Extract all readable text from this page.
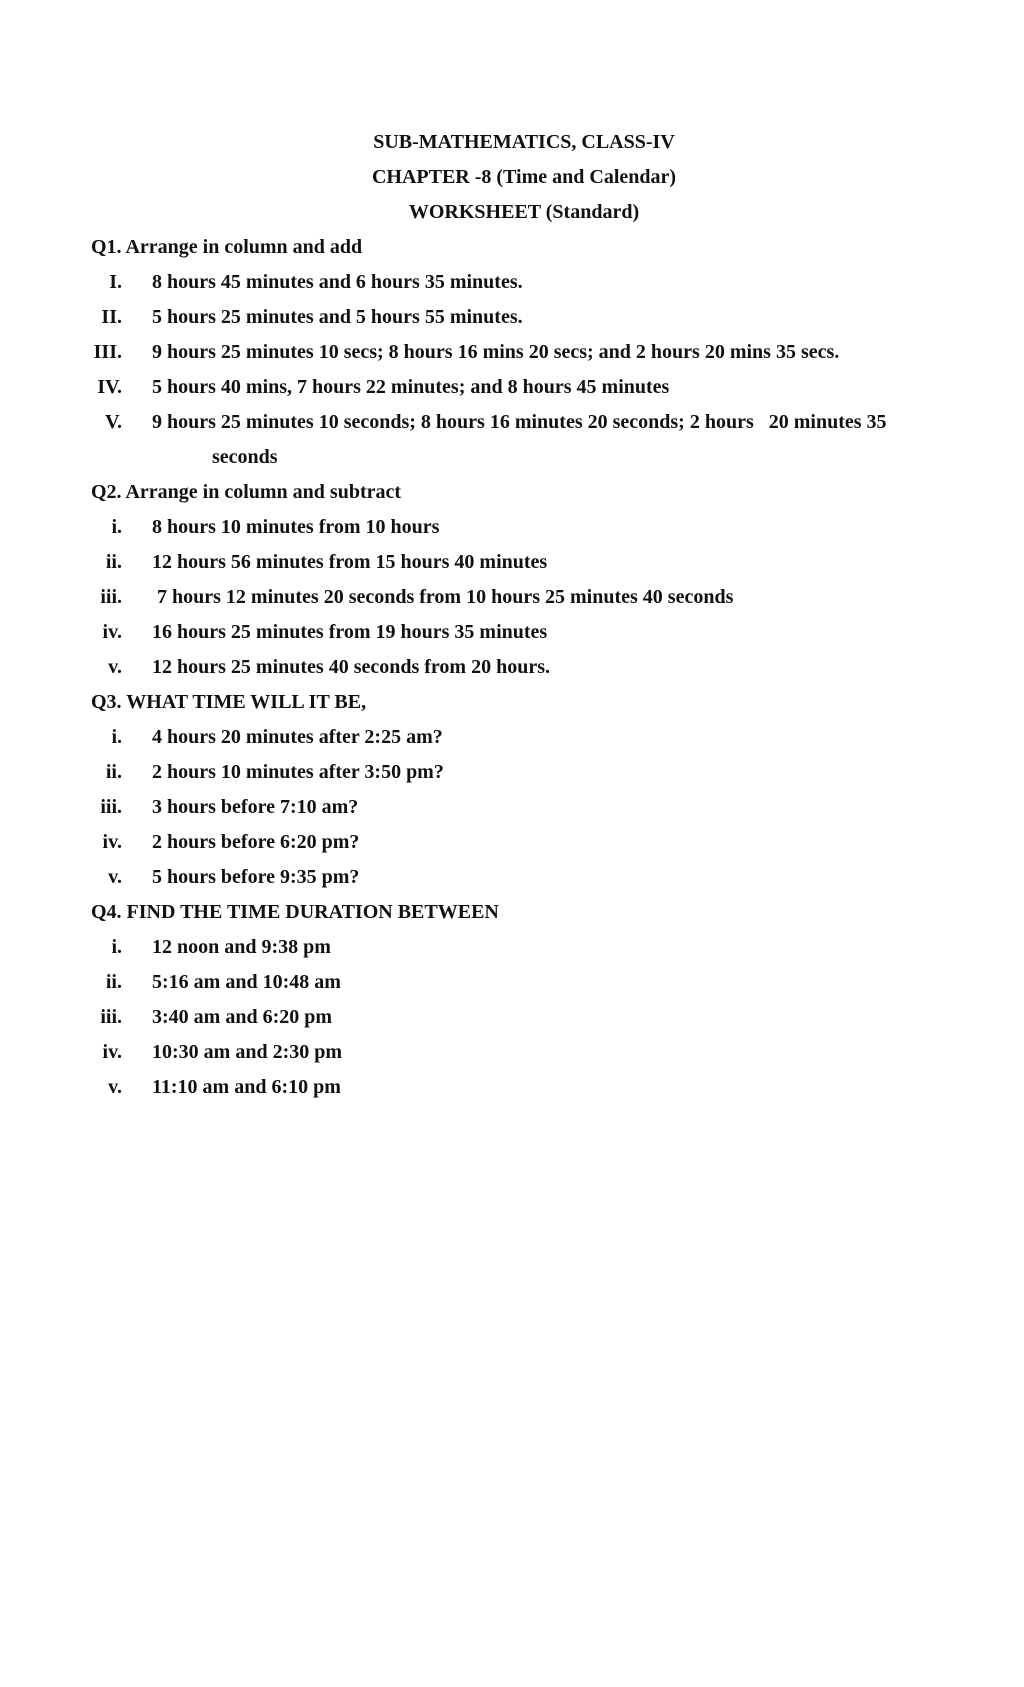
SUB-MATHEMATICS, CLASS-IV
CHAPTER -8 (Time and Calendar)
WORKSHEET (Standard)
Q1. Arrange in column and add
I. 8 hours 45 minutes and 6 hours 35 minutes.
II. 5 hours 25 minutes and 5 hours 55 minutes.
III. 9 hours 25 minutes 10 secs; 8 hours 16 mins 20 secs; and 2 hours 20 mins 35 secs.
IV. 5 hours 40 mins, 7 hours 22 minutes; and 8 hours 45 minutes
V. 9 hours 25 minutes 10 seconds; 8 hours 16 minutes 20 seconds; 2 hours   20 minutes 35
seconds
Q2. Arrange in column and subtract
i. 8 hours 10 minutes from 10 hours
ii. 12 hours 56 minutes from 15 hours 40 minutes
iii. 7 hours 12 minutes 20 seconds from 10 hours 25 minutes 40 seconds
iv. 16 hours 25 minutes from 19 hours 35 minutes
v. 12 hours 25 minutes 40 seconds from 20 hours.
Q3. WHAT TIME WILL IT BE,
i. 4 hours 20 minutes after 2:25 am?
ii. 2 hours 10 minutes after 3:50 pm?
iii. 3 hours before 7:10 am?
iv. 2 hours before 6:20 pm?
v. 5 hours before 9:35 pm?
Q4. FIND THE TIME DURATION BETWEEN
i. 12 noon and 9:38 pm
ii. 5:16 am and 10:48 am
iii. 3:40 am and 6:20 pm
iv. 10:30 am and 2:30 pm
v. 11:10 am and 6:10 pm
